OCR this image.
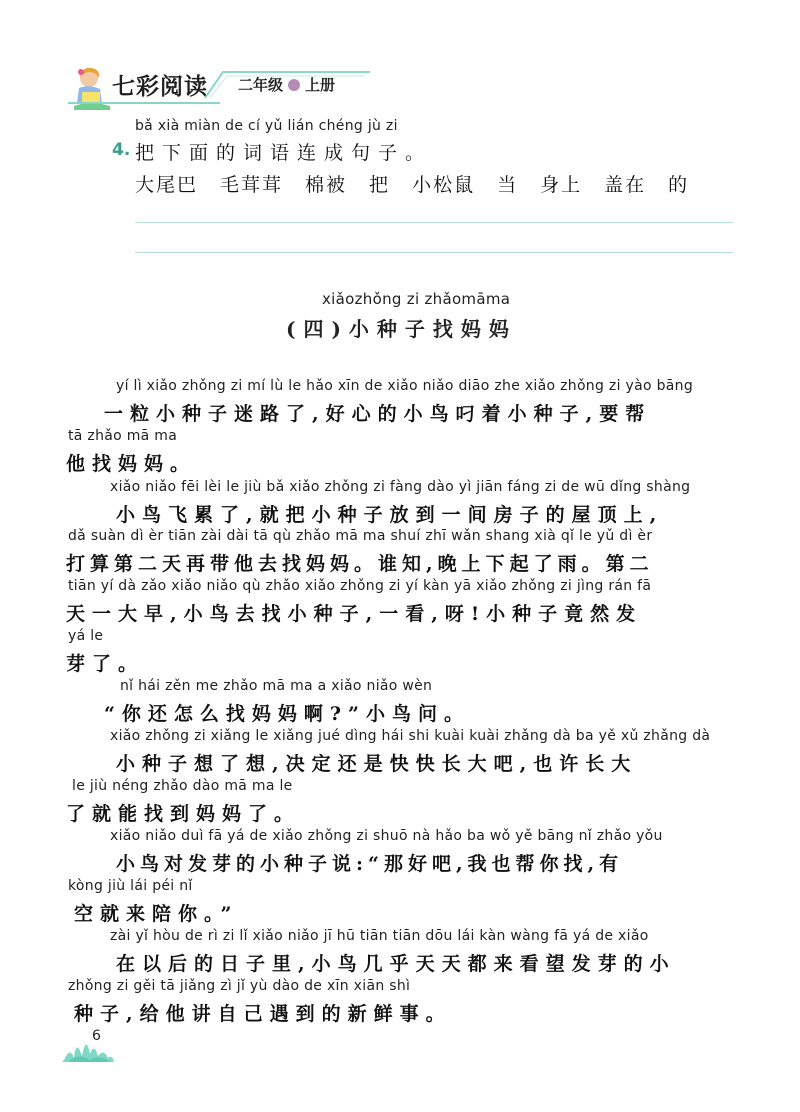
七彩阅读 二年级 上册
bǎ xià miàn de cí yǔ lián chéng jù zi
4. 把下面的词语连成句子。
大尾巴 毛茸茸 棉被 把 小松鼠 当 身上 盖在 的
xiǎozhǒng zi zhǎomāma
(四)小种子找妈妈
yí lì xiǎo zhǒng zi mí lù le hǎo xīn de xiǎo niǎo diāo zhe xiǎo zhǒng zi yào bāng
一粒小种子迷路了,好心的小鸟叼着小种子,要帮
tā zhǎo mā ma
他找妈妈。
xiǎo niǎo fēi lèi le jiù bǎ xiǎo zhǒng zi fàng dào yì jiān fáng zi de wū dǐng shàng
小鸟飞累了,就把小种子放到一间房子的屋顶上,
dǎ suàn dì èr tiān zài dài tā qù zhǎo mā ma shuí zhī wǎn shang xià qǐ le yǔ dì èr
打算第二天再带他去找妈妈。谁知,晚上下起了雨。第二
tiān yí dà zǎo xiǎo niǎo qù zhǎo xiǎo zhǒng zi yí kàn yā xiǎo zhǒng zi jìng rán fā
天一大早,小鸟去找小种子,一看,呀!小种子竟然发
yá le
芽了。
nǐ hái zěn me zhǎo mā ma a xiǎo niǎo wèn
“你还怎么找妈妈啊?”小鸟问。
xiǎo zhǒng zi xiǎng le xiǎng jué dìng hái shi kuài kuài zhǎng dà ba yě xǔ zhǎng dà
小种子想了想,决定还是快快长大吧,也许长大
le jiù néng zhǎo dào mā ma le
了就能找到妈妈了。
xiǎo niǎo duì fā yá de xiǎo zhǒng zi shuō nà hǎo ba wǒ yě bāng nǐ zhǎo yǒu
小鸟对发芽的小种子说:“那好吧,我也帮你找,有
kòng jiù lái péi nǐ
空就来陪你。”
zài yǐ hòu de rì zi lǐ xiǎo niǎo jī hū tiān tiān dōu lái kàn wàng fā yá de xiǎo
在以后的日子里,小鸟几乎天天都来看望发芽的小
zhǒng zi gěi tā jiǎng zì jǐ yù dào de xīn xiān shì
种子,给他讲自己遇到的新鲜事。
6
